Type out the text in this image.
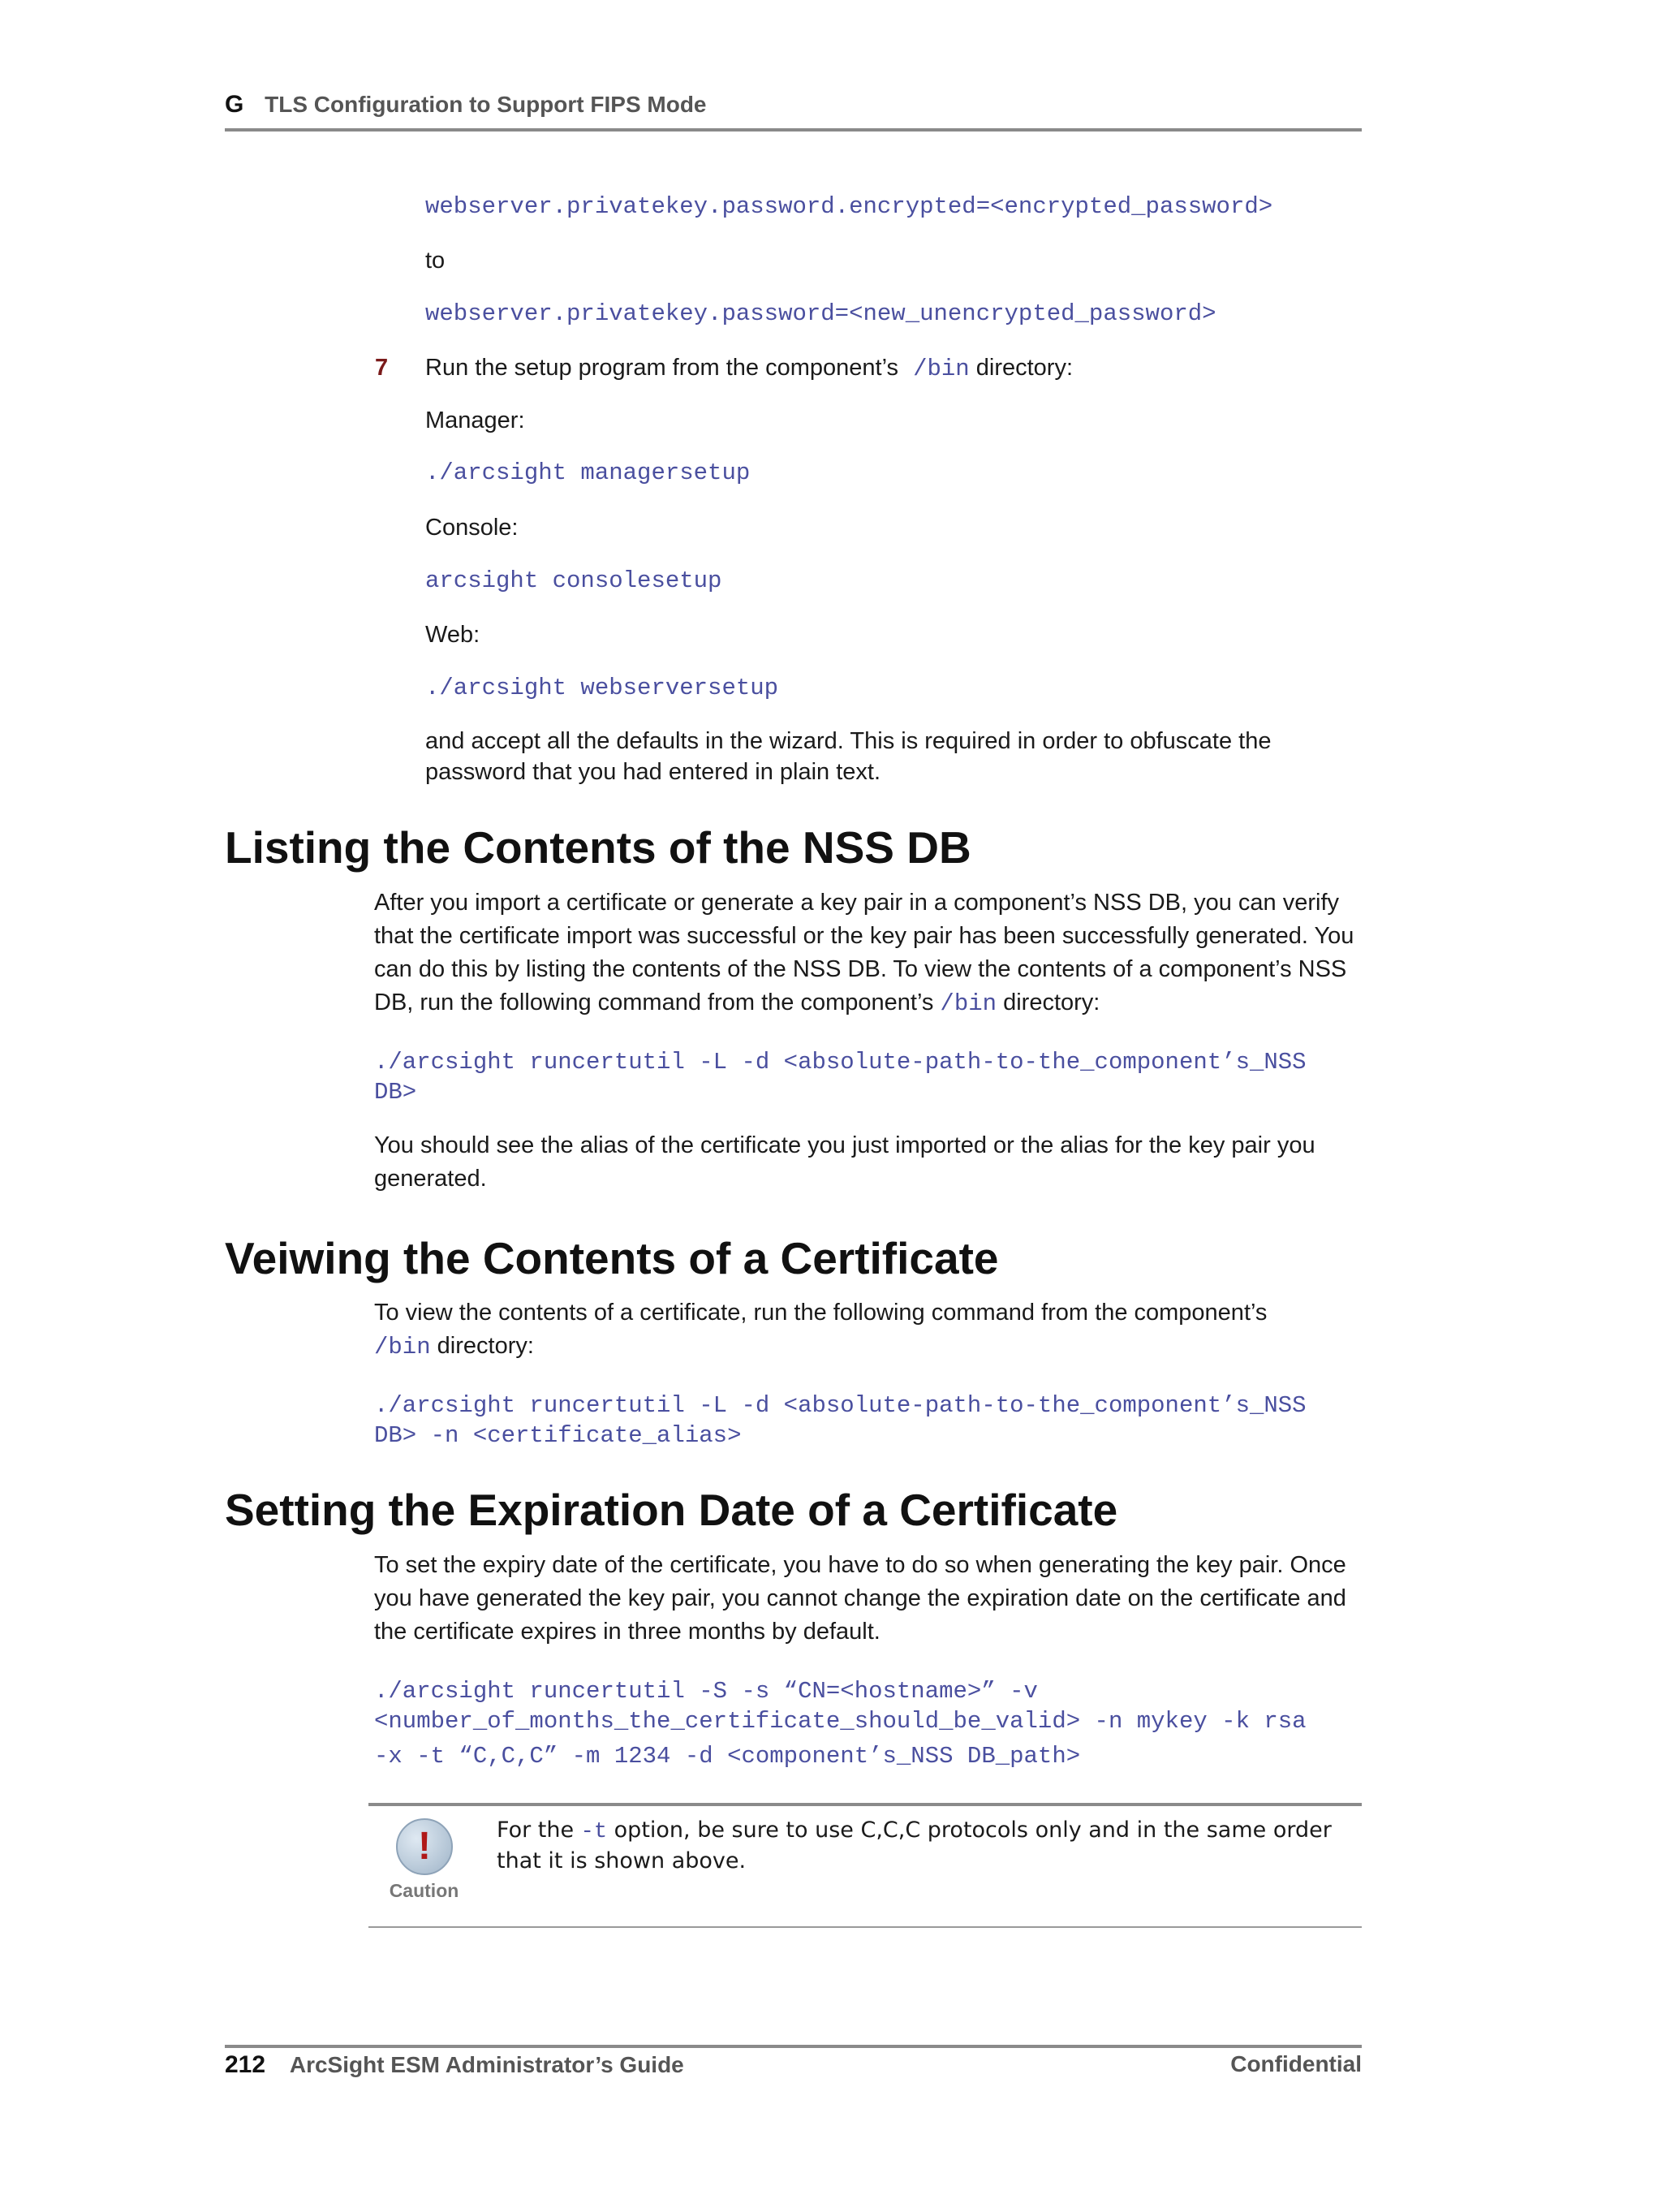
G TLS Configuration to Support FIPS Mode
webserver.privatekey.password.encrypted=<encrypted_password>
to
webserver.privatekey.password=<new_unencrypted_password>
7 Run the setup program from the component’s /bin directory:
Manager:
./arcsight managersetup
Console:
arcsight consolesetup
Web:
./arcsight webserversetup
and accept all the defaults in the wizard. This is required in order to obfuscate the password that you had entered in plain text.
Listing the Contents of the NSS DB
After you import a certificate or generate a key pair in a component’s NSS DB, you can verify that the certificate import was successful or the key pair has been successfully generated. You can do this by listing the contents of the NSS DB. To view the contents of a component’s NSS DB, run the following command from the component’s /bin directory:
./arcsight runcertutil -L -d <absolute-path-to-the_component’s_NSS
DB>
You should see the alias of the certificate you just imported or the alias for the key pair you generated.
Veiwing the Contents of a Certificate
To view the contents of a certificate, run the following command from the component’s
/bin directory:
./arcsight runcertutil -L -d <absolute-path-to-the_component’s_NSS
DB> -n <certificate_alias>
Setting the Expiration Date of a Certificate
To set the expiry date of the certificate, you have to do so when generating the key pair. Once you have generated the key pair, you cannot change the expiration date on the certificate and the certificate expires in three months by default.
./arcsight runcertutil -S -s “CN=<hostname>” -v
<number_of_months_the_certificate_should_be_valid> -n mykey -k rsa
-x -t “C,C,C” -m 1234 -d <component’s_NSS DB_path>
!
Caution
For the -t option, be sure to use C,C,C protocols only and in the same order that it is shown above.
212 ArcSight ESM Administrator’s Guide	Confidential
